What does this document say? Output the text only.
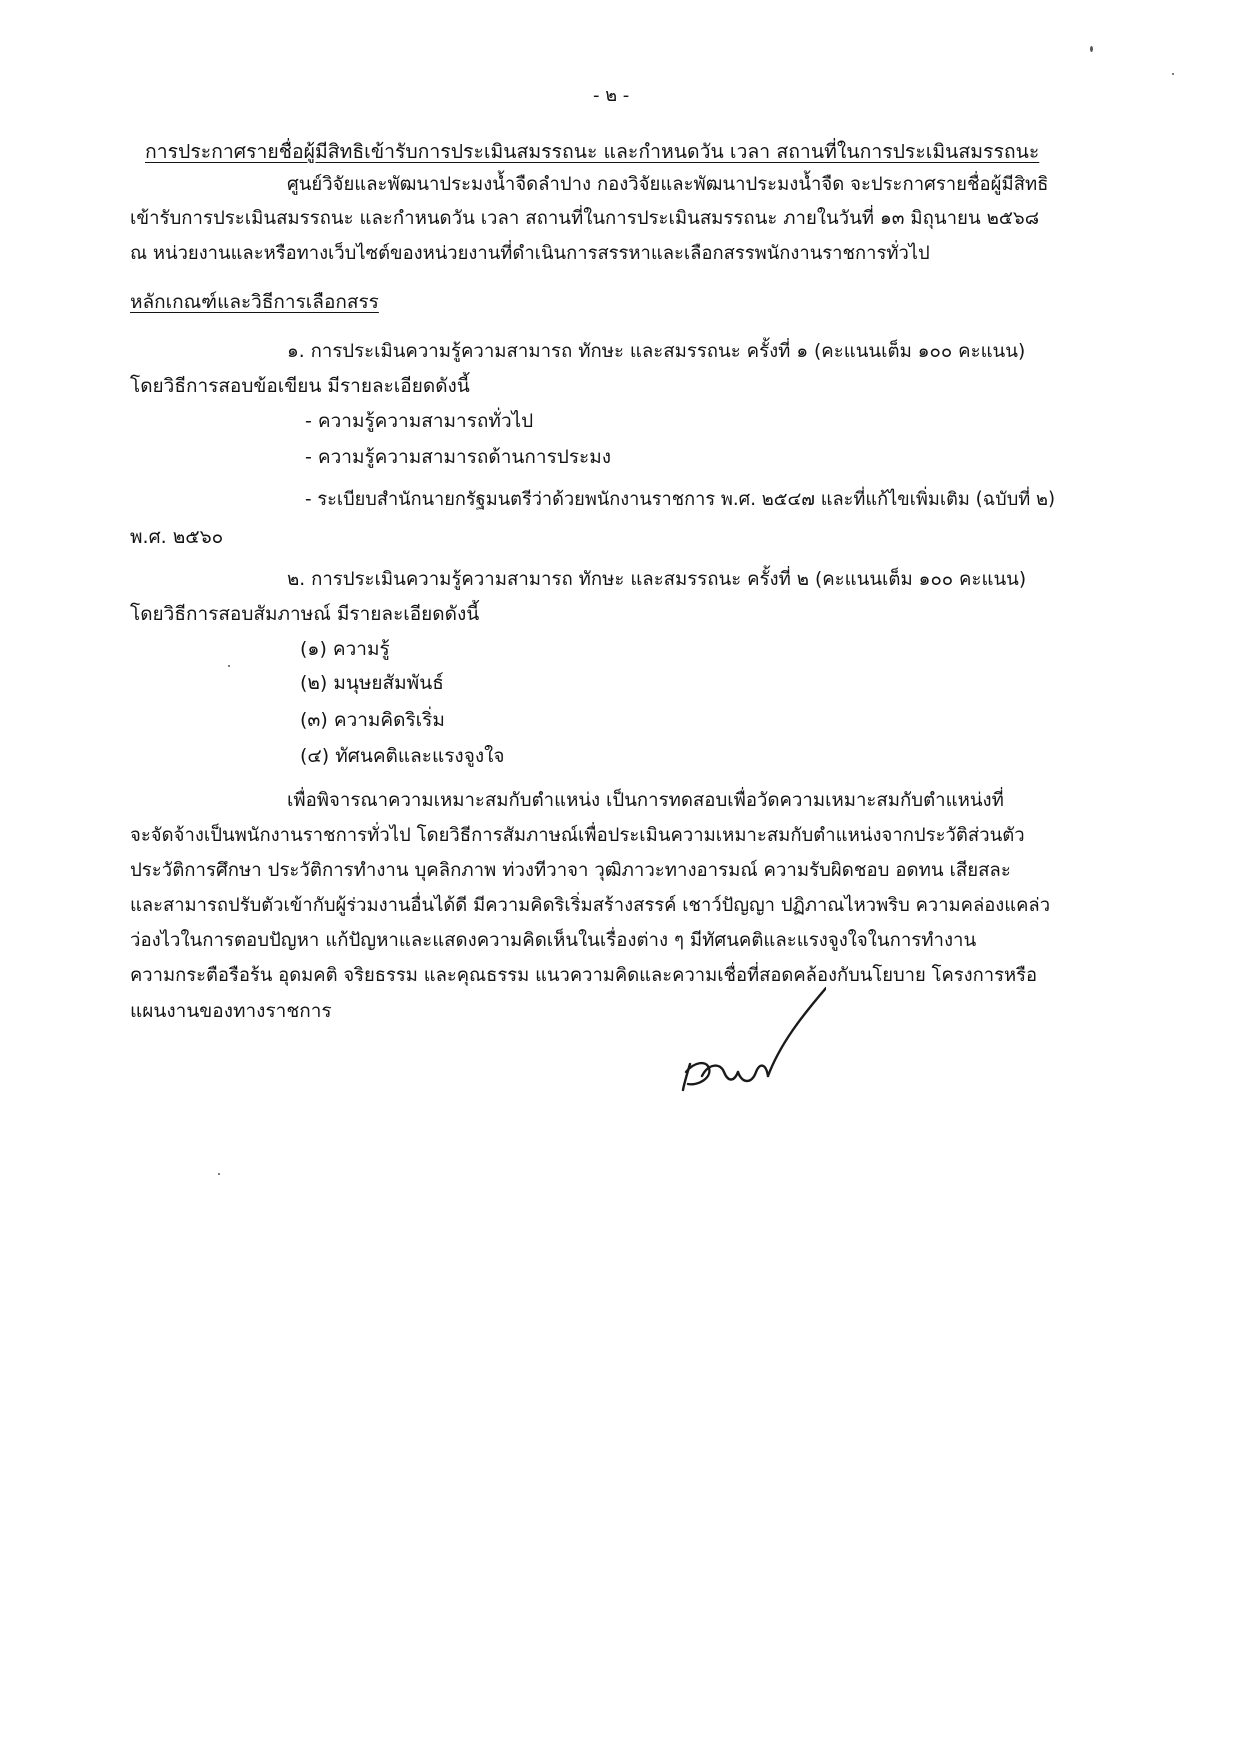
- ๒ -
การประกาศรายชื่อผู้มีสิทธิเข้ารับการประเมินสมรรถนะ และกำหนดวัน เวลา สถานที่ในการประเมินสมรรถนะ
ศูนย์วิจัยและพัฒนาประมงน้ำจืดลำปาง กองวิจัยและพัฒนาประมงน้ำจืด จะประกาศรายชื่อผู้มีสิทธิ
เข้ารับการประเมินสมรรถนะ และกำหนดวัน เวลา สถานที่ในการประเมินสมรรถนะ ภายในวันที่ ๑๓ มิถุนายน ๒๕๖๘
ณ หน่วยงานและหรือทางเว็บไซต์ของหน่วยงานที่ดำเนินการสรรหาและเลือกสรรพนักงานราชการทั่วไป
หลักเกณฑ์และวิธีการเลือกสรร
๑. การประเมินความรู้ความสามารถ ทักษะ และสมรรถนะ ครั้งที่ ๑ (คะแนนเต็ม ๑๐๐ คะแนน)
โดยวิธีการสอบข้อเขียน มีรายละเอียดดังนี้
- ความรู้ความสามารถทั่วไป
- ความรู้ความสามารถด้านการประมง
- ระเบียบสำนักนายกรัฐมนตรีว่าด้วยพนักงานราชการ พ.ศ. ๒๕๔๗ และที่แก้ไขเพิ่มเติม (ฉบับที่ ๒)
พ.ศ. ๒๕๖๐
๒. การประเมินความรู้ความสามารถ ทักษะ และสมรรถนะ ครั้งที่ ๒ (คะแนนเต็ม ๑๐๐ คะแนน)
โดยวิธีการสอบสัมภาษณ์ มีรายละเอียดดังนี้
(๑) ความรู้
(๒) มนุษยสัมพันธ์
(๓) ความคิดริเริ่ม
(๔) ทัศนคติและแรงจูงใจ
เพื่อพิจารณาความเหมาะสมกับตำแหน่ง เป็นการทดสอบเพื่อวัดความเหมาะสมกับตำแหน่งที่
จะจัดจ้างเป็นพนักงานราชการทั่วไป โดยวิธีการสัมภาษณ์เพื่อประเมินความเหมาะสมกับตำแหน่งจากประวัติส่วนตัว
ประวัติการศึกษา ประวัติการทำงาน บุคลิกภาพ ท่วงทีวาจา วุฒิภาวะทางอารมณ์ ความรับผิดชอบ อดทน เสียสละ
และสามารถปรับตัวเข้ากับผู้ร่วมงานอื่นได้ดี มีความคิดริเริ่มสร้างสรรค์ เชาว์ปัญญา ปฏิภาณไหวพริบ ความคล่องแคล่ว
ว่องไวในการตอบปัญหา แก้ปัญหาและแสดงความคิดเห็นในเรื่องต่าง ๆ มีทัศนคติและแรงจูงใจในการทำงาน
ความกระตือรือร้น อุดมคติ จริยธรรม และคุณธรรม แนวความคิดและความเชื่อที่สอดคล้องกับนโยบาย โครงการหรือ
แผนงานของทางราชการ
